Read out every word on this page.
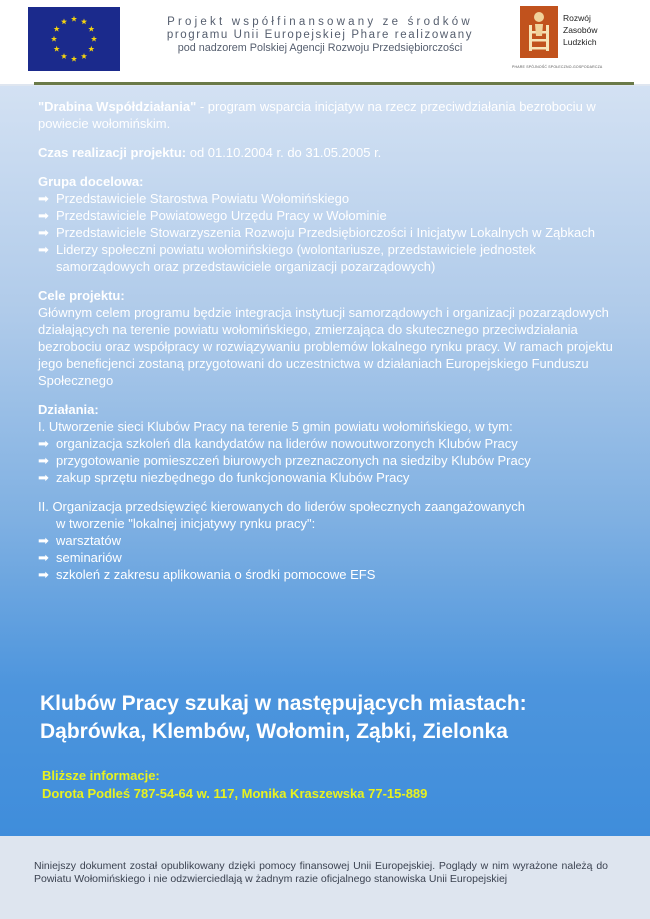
Projekt współfinansowany ze środków
programu Unii Europejskiej Phare realizowany
pod nadzorem Polskiej Agencji Rozwoju Przedsiębiorczości
Rozwój
Zasobów
Ludzkich
PHARE SPÓJNOŚĆ SPOŁECZNO-GOSPODARCZA

"Drabina Współdziałania" - program wsparcia inicjatyw na rzecz przeciwdziałania bezrobociu w powiecie wołomińskim.

Czas realizacji projektu: od 01.10.2004 r. do 31.05.2005 r.

Grupa docelowa:
➡ Przedstawiciele Starostwa Powiatu Wołomińskiego
➡ Przedstawiciele Powiatowego Urzędu Pracy w Wołominie
➡ Przedstawiciele Stowarzyszenia Rozwoju Przedsiębiorczości i Inicjatyw Lokalnych w Ząbkach
➡ Liderzy społeczni powiatu wołomińskiego (wolontariusze, przedstawiciele jednostek samorządowych oraz przedstawiciele organizacji pozarządowych)
Cele projektu:
Głównym celem programu będzie integracja instytucji samorządowych i organizacji pozarządowych działających na terenie powiatu wołomińskiego, zmierzająca do skutecznego przeciwdziałania bezrobociu oraz współpracy w rozwiązywaniu problemów lokalnego rynku pracy. W ramach projektu jego beneficjenci zostaną przygotowani do uczestnictwa w działaniach Europejskiego Funduszu Społecznego
Działania:
I. Utworzenie sieci Klubów Pracy na terenie 5 gmin powiatu wołomińskiego, w tym:
➡ organizacja szkoleń dla kandydatów na liderów nowoutworzonych Klubów Pracy
➡ przygotowanie pomieszczeń biurowych przeznaczonych na siedziby Klubów Pracy
➡ zakup sprzętu niezbędnego do funkcjonowania Klubów Pracy
II. Organizacja przedsięwzięć kierowanych do liderów społecznych zaangażowanych
w tworzenie "lokalnej inicjatywy rynku pracy":
➡ warsztatów
➡ seminariów
➡ szkoleń z zakresu aplikowania o środki pomocowe EFS
Klubów Pracy szukaj w następujących miastach:
Dąbrówka, Klembów, Wołomin, Ząbki, Zielonka
Bliższe informacje:
Dorota Podleś 787-54-64 w. 117, Monika Kraszewska 77-15-889
Niniejszy dokument został opublikowany dzięki pomocy finansowej Unii Europejskiej. Poglądy w nim wyrażone należą do Powiatu Wołomińskiego i nie odzwierciedlają w żadnym razie oficjalnego stanowiska Unii Europejskiej
